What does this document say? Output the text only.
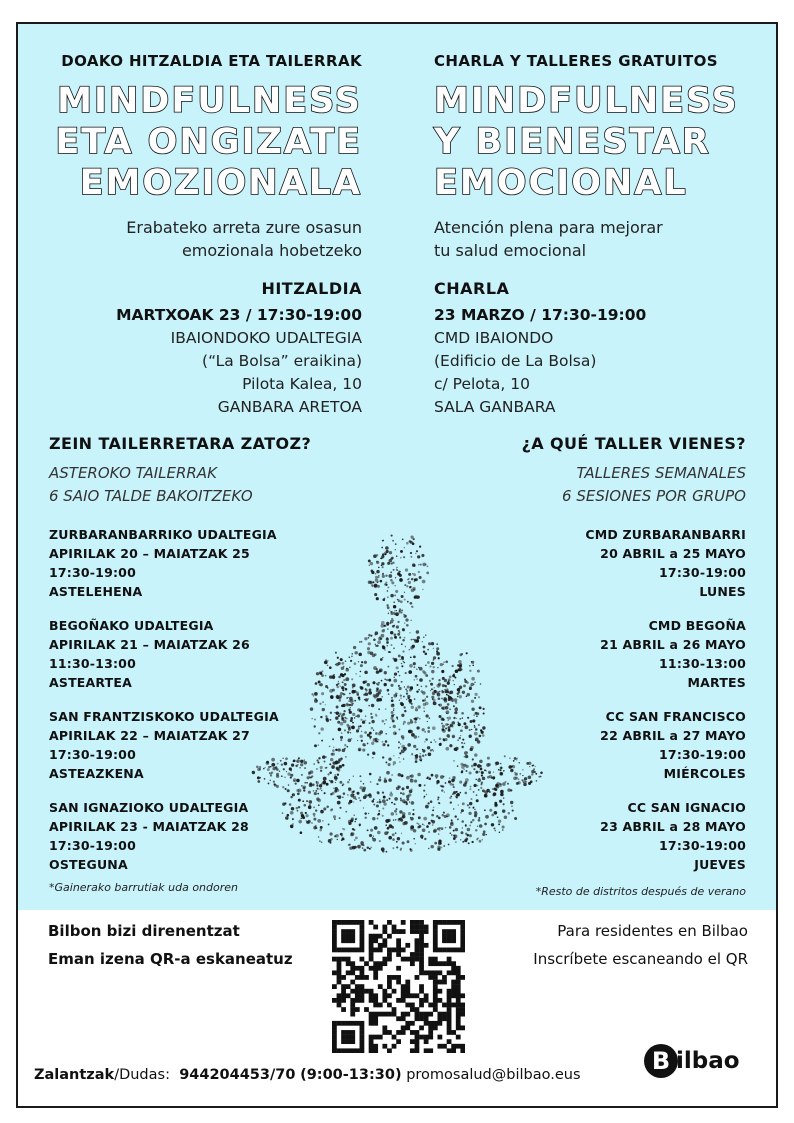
DOAKO HITZALDIA ETA TAILERRAK
MINDFULNESS
ETA ONGIZATE
EMOZIONALA
Erabateko arreta zure osasun
emozionala hobetzeko
HITZALDIA
MARTXOAK 23 / 17:30-19:00
IBAIONDOKO UDALTEGIA
(“La Bolsa” eraikina)
Pilota Kalea, 10
GANBARA ARETOA
CHARLA Y TALLERES GRATUITOS
MINDFULNESS
Y BIENESTAR
EMOCIONAL
Atención plena para mejorar
tu salud emocional
CHARLA
23 MARZO / 17:30-19:00
CMD IBAIONDO
(Edificio de La Bolsa)
c/ Pelota, 10
SALA GANBARA
ZEIN TAILERRETARA ZATOZ?	¿A QUÉ TALLER VIENES?
ASTEROKO TAILERRAK
6 SAIO TALDE BAKOITZEKO
TALLERES SEMANALES
6 SESIONES POR GRUPO
ZURBARANBARRIKO UDALTEGIA
APIRILAK 20 – MAIATZAK 25
17:30-19:00
ASTELEHENA
BEGOÑAKO UDALTEGIA
APIRILAK 21 – MAIATZAK 26
11:30-13:00
ASTEARTEA
SAN FRANTZISKOKO UDALTEGIA
APIRILAK 22 – MAIATZAK 27
17:30-19:00
ASTEAZKENA
SAN IGNAZIOKO UDALTEGIA
APIRILAK 23 - MAIATZAK 28
17:30-19:00
OSTEGUNA
CMD ZURBARANBARRI
20 ABRIL a 25 MAYO
17:30-19:00
LUNES
CMD BEGOÑA
21 ABRIL a 26 MAYO
11:30-13:00
MARTES
CC SAN FRANCISCO
22 ABRIL a 27 MAYO
17:30-19:00
MIÉRCOLES
CC SAN IGNACIO
23 ABRIL a 28 MAYO
17:30-19:00
JUEVES
*Gainerako barrutiak uda ondoren	*Resto de distritos después de verano
Bilbon bizi direnentzat
Eman izena QR-a eskaneatuz
Para residentes en Bilbao
Inscríbete escaneando el QR
Zalantzak/Dudas: 944204453/70 (9:00-13:30) promosalud@bilbao.eus	B ilbao
